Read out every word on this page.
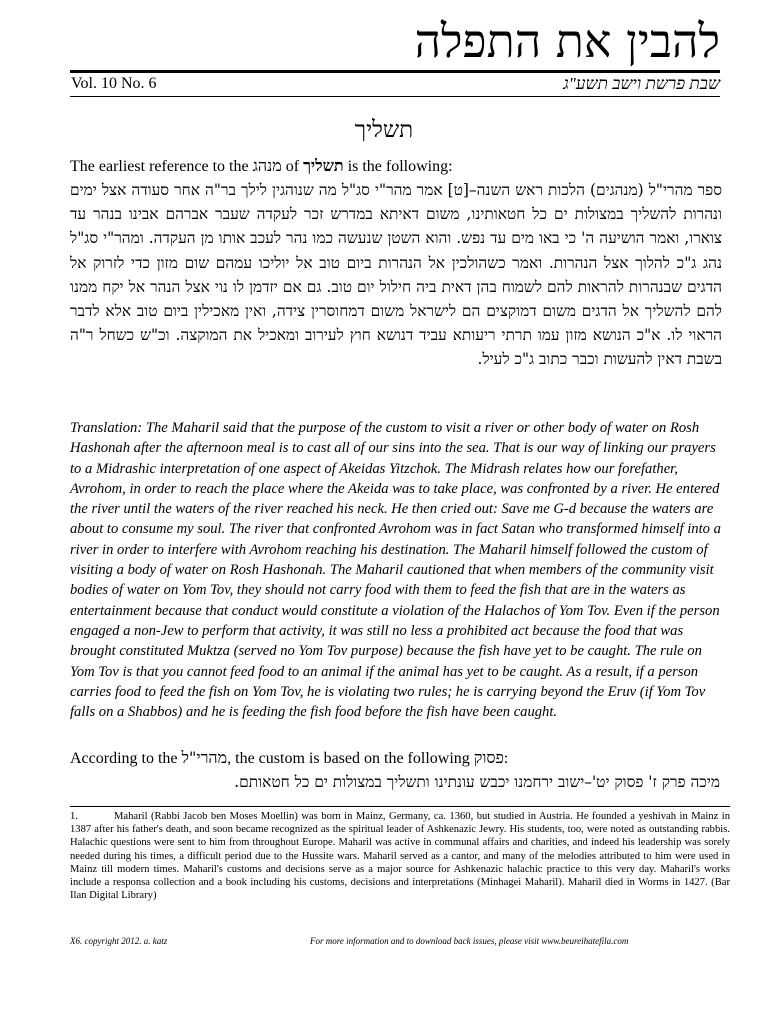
להבין את התפלה
Vol. 10 No. 6	שבת פרשת וישב תשע"ג
תשליך
The earliest reference to the מנהג of תשליך is the following:
ספר מהרי"ל (מנהגים) הלכות ראש השנה–[ט] אמר מהר"י סג"ל מה שנוהגין לילך בר"ה אחר סעודה אצל ימים ונהרות להשליך במצולות ים כל חטאותינו, משום דאיתא במדרש זכר לעקדה שעבר אברהם אבינו בנהר עד צוארו, ואמר הושיעה ה' כי באו מים עד נפש. והוא השטן שנעשה כמו נהר לעכב אותו מן העקדה. ומהר"י סג"ל נהג ג"כ להלוך אצל הנהרות. ואמר כשהולכין אל הנהרות ביום טוב אל יוליכו עמהם שום מזון כדי לזרוק אל הדגים שבנהרות להראות להם לשמוח בהן דאית ביה חילול יום טוב. גם אם יזדמן לו נוי אצל הנהר אל יקח ממנו להם להשליך אל הדגים משום דמוקצים הם לישראל משום דמחוסרין צידה, ואין מאכילין ביום טוב אלא לדבר הראוי לו. א"כ הנושא מזון עמו תרתי ריעותא עביד דנושא חוץ לעירוב ומאכיל את המוקצה. וכ"ש כשחל ר"ה בשבת דאין להעשות וכבר כתוב ג"כ לעיל.
Translation: The Maharil said that the purpose of the custom to visit a river or other body of water on Rosh Hashonah after the afternoon meal is to cast all of our sins into the sea. That is our way of linking our prayers to a Midrashic interpretation of one aspect of Akeidas Yitzchok. The Midrash relates how our forefather, Avrohom, in order to reach the place where the Akeida was to take place, was confronted by a river. He entered the river until the waters of the river reached his neck. He then cried out: Save me G-d because the waters are about to consume my soul. The river that confronted Avrohom was in fact Satan who transformed himself into a river in order to interfere with Avrohom reaching his destination. The Maharil himself followed the custom of visiting a body of water on Rosh Hashonah. The Maharil cautioned that when members of the community visit bodies of water on Yom Tov, they should not carry food with them to feed the fish that are in the waters as entertainment because that conduct would constitute a violation of the Halachos of Yom Tov. Even if the person engaged a non-Jew to perform that activity, it was still no less a prohibited act because the food that was brought constituted Muktza (served no Yom Tov purpose) because the fish have yet to be caught. The rule on Yom Tov is that you cannot feed food to an animal if the animal has yet to be caught. As a result, if a person carries food to feed the fish on Yom Tov, he is violating two rules; he is carrying beyond the Eruv (if Yom Tov falls on a Shabbos) and he is feeding the fish food before the fish have been caught.
According to the מהרי"ל, the custom is based on the following פסוק:
מיכה פרק ז' פסוק יט'–ישוב ירחמנו יכבש עונתינו ותשליך במצולות ים כל חטאותם.
1.	Maharil (Rabbi Jacob ben Moses Moellin) was born in Mainz, Germany, ca. 1360, but studied in Austria. He founded a yeshivah in Mainz in 1387 after his father's death, and soon became recognized as the spiritual leader of Ashkenazic Jewry. His students, too, were noted as outstanding rabbis. Halachic questions were sent to him from throughout Europe. Maharil was active in communal affairs and charities, and indeed his leadership was sorely needed during his times, a difficult period due to the Hussite wars. Maharil served as a cantor, and many of the melodies attributed to him were used in Mainz till modern times. Maharil's customs and decisions serve as a major source for Ashkenazic halachic practice to this very day. Maharil's works include a responsa collection and a book including his customs, decisions and interpretations (Minhagei Maharil). Maharil died in Worms in 1427. (Bar Ilan Digital Library)
X6. copyright 2012. a. katz	For more information and to download back issues, please visit www.beureihatefila.com
